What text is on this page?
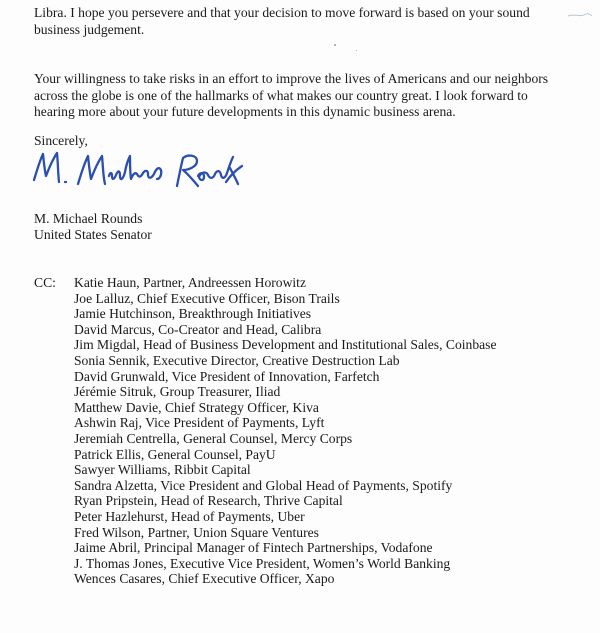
Libra. I hope you persevere and that your decision to move forward is based on your sound
business judgement.

Your willingness to take risks in an effort to improve the lives of Americans and our neighbors
across the globe is one of the hallmarks of what makes our country great. I look forward to
hearing more about your future developments in this dynamic business arena.

Sincerely,

M. Michael Rounds
United States Senator
CC: Katie Haun, Partner, Andreessen Horowitz
Joe Lalluz, Chief Executive Officer, Bison Trails
Jamie Hutchinson, Breakthrough Initiatives
David Marcus, Co-Creator and Head, Calibra
Jim Migdal, Head of Business Development and Institutional Sales, Coinbase
Sonia Sennik, Executive Director, Creative Destruction Lab
David Grunwald, Vice President of Innovation, Farfetch
Jérémie Sitruk, Group Treasurer, Iliad
Matthew Davie, Chief Strategy Officer, Kiva
Ashwin Raj, Vice President of Payments, Lyft
Jeremiah Centrella, General Counsel, Mercy Corps
Patrick Ellis, General Counsel, PayU
Sawyer Williams, Ribbit Capital
Sandra Alzetta, Vice President and Global Head of Payments, Spotify
Ryan Pripstein, Head of Research, Thrive Capital
Peter Hazlehurst, Head of Payments, Uber
Fred Wilson, Partner, Union Square Ventures
Jaime Abril, Principal Manager of Fintech Partnerships, Vodafone
J. Thomas Jones, Executive Vice President, Women’s World Banking
Wences Casares, Chief Executive Officer, Xapo
